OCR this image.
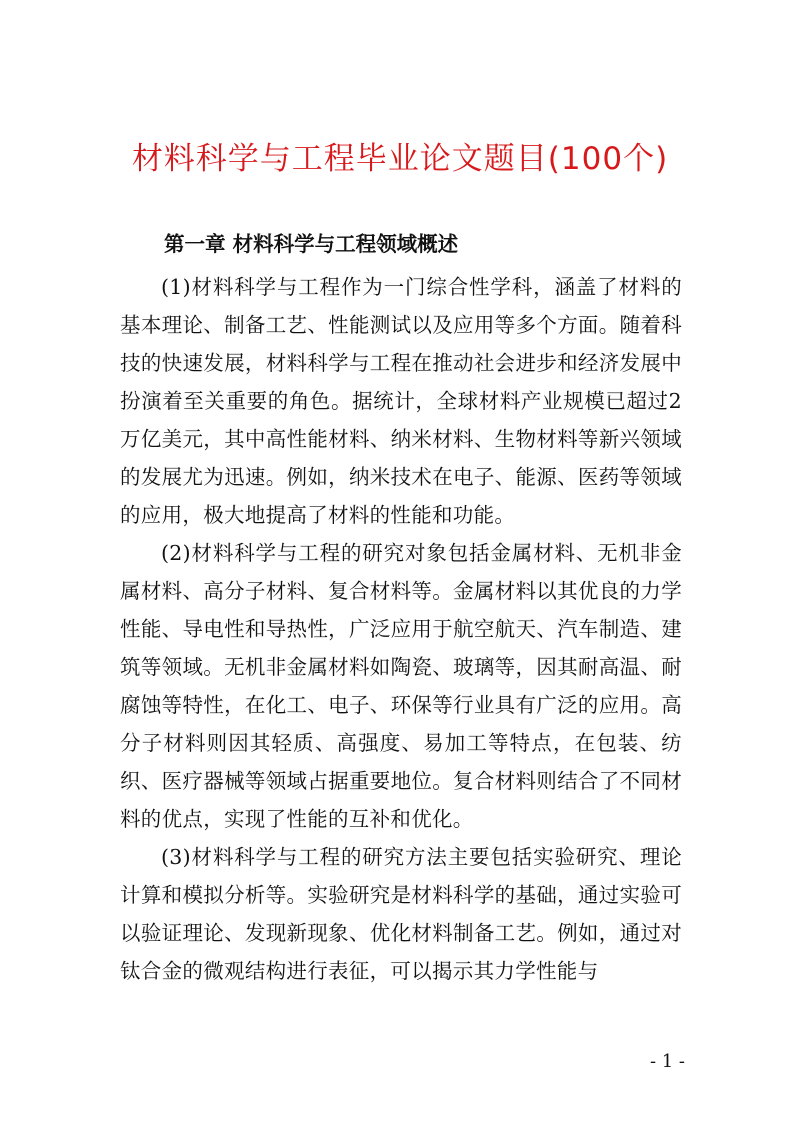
材料科学与工程毕业论文题目(100个)
第一章 材料科学与工程领域概述

(1)材料科学与工程作为一门综合性学科，涵盖了材料的基本理论、制备工艺、性能测试以及应用等多个方面。随着科技的快速发展，材料科学与工程在推动社会进步和经济发展中扮演着至关重要的角色。据统计，全球材料产业规模已超过2万亿美元，其中高性能材料、纳米材料、生物材料等新兴领域的发展尤为迅速。例如，纳米技术在电子、能源、医药等领域的应用，极大地提高了材料的性能和功能。

(2)材料科学与工程的研究对象包括金属材料、无机非金属材料、高分子材料、复合材料等。金属材料以其优良的力学性能、导电性和导热性，广泛应用于航空航天、汽车制造、建筑等领域。无机非金属材料如陶瓷、玻璃等，因其耐高温、耐腐蚀等特性，在化工、电子、环保等行业具有广泛的应用。高分子材料则因其轻质、高强度、易加工等特点，在包装、纺织、医疗器械等领域占据重要地位。复合材料则结合了不同材料的优点，实现了性能的互补和优化。

(3)材料科学与工程的研究方法主要包括实验研究、理论计算和模拟分析等。实验研究是材料科学的基础，通过实验可以验证理论、发现新现象、优化材料制备工艺。例如，通过对钛合金的微观结构进行表征，可以揭示其力学性能与

- 1 -
